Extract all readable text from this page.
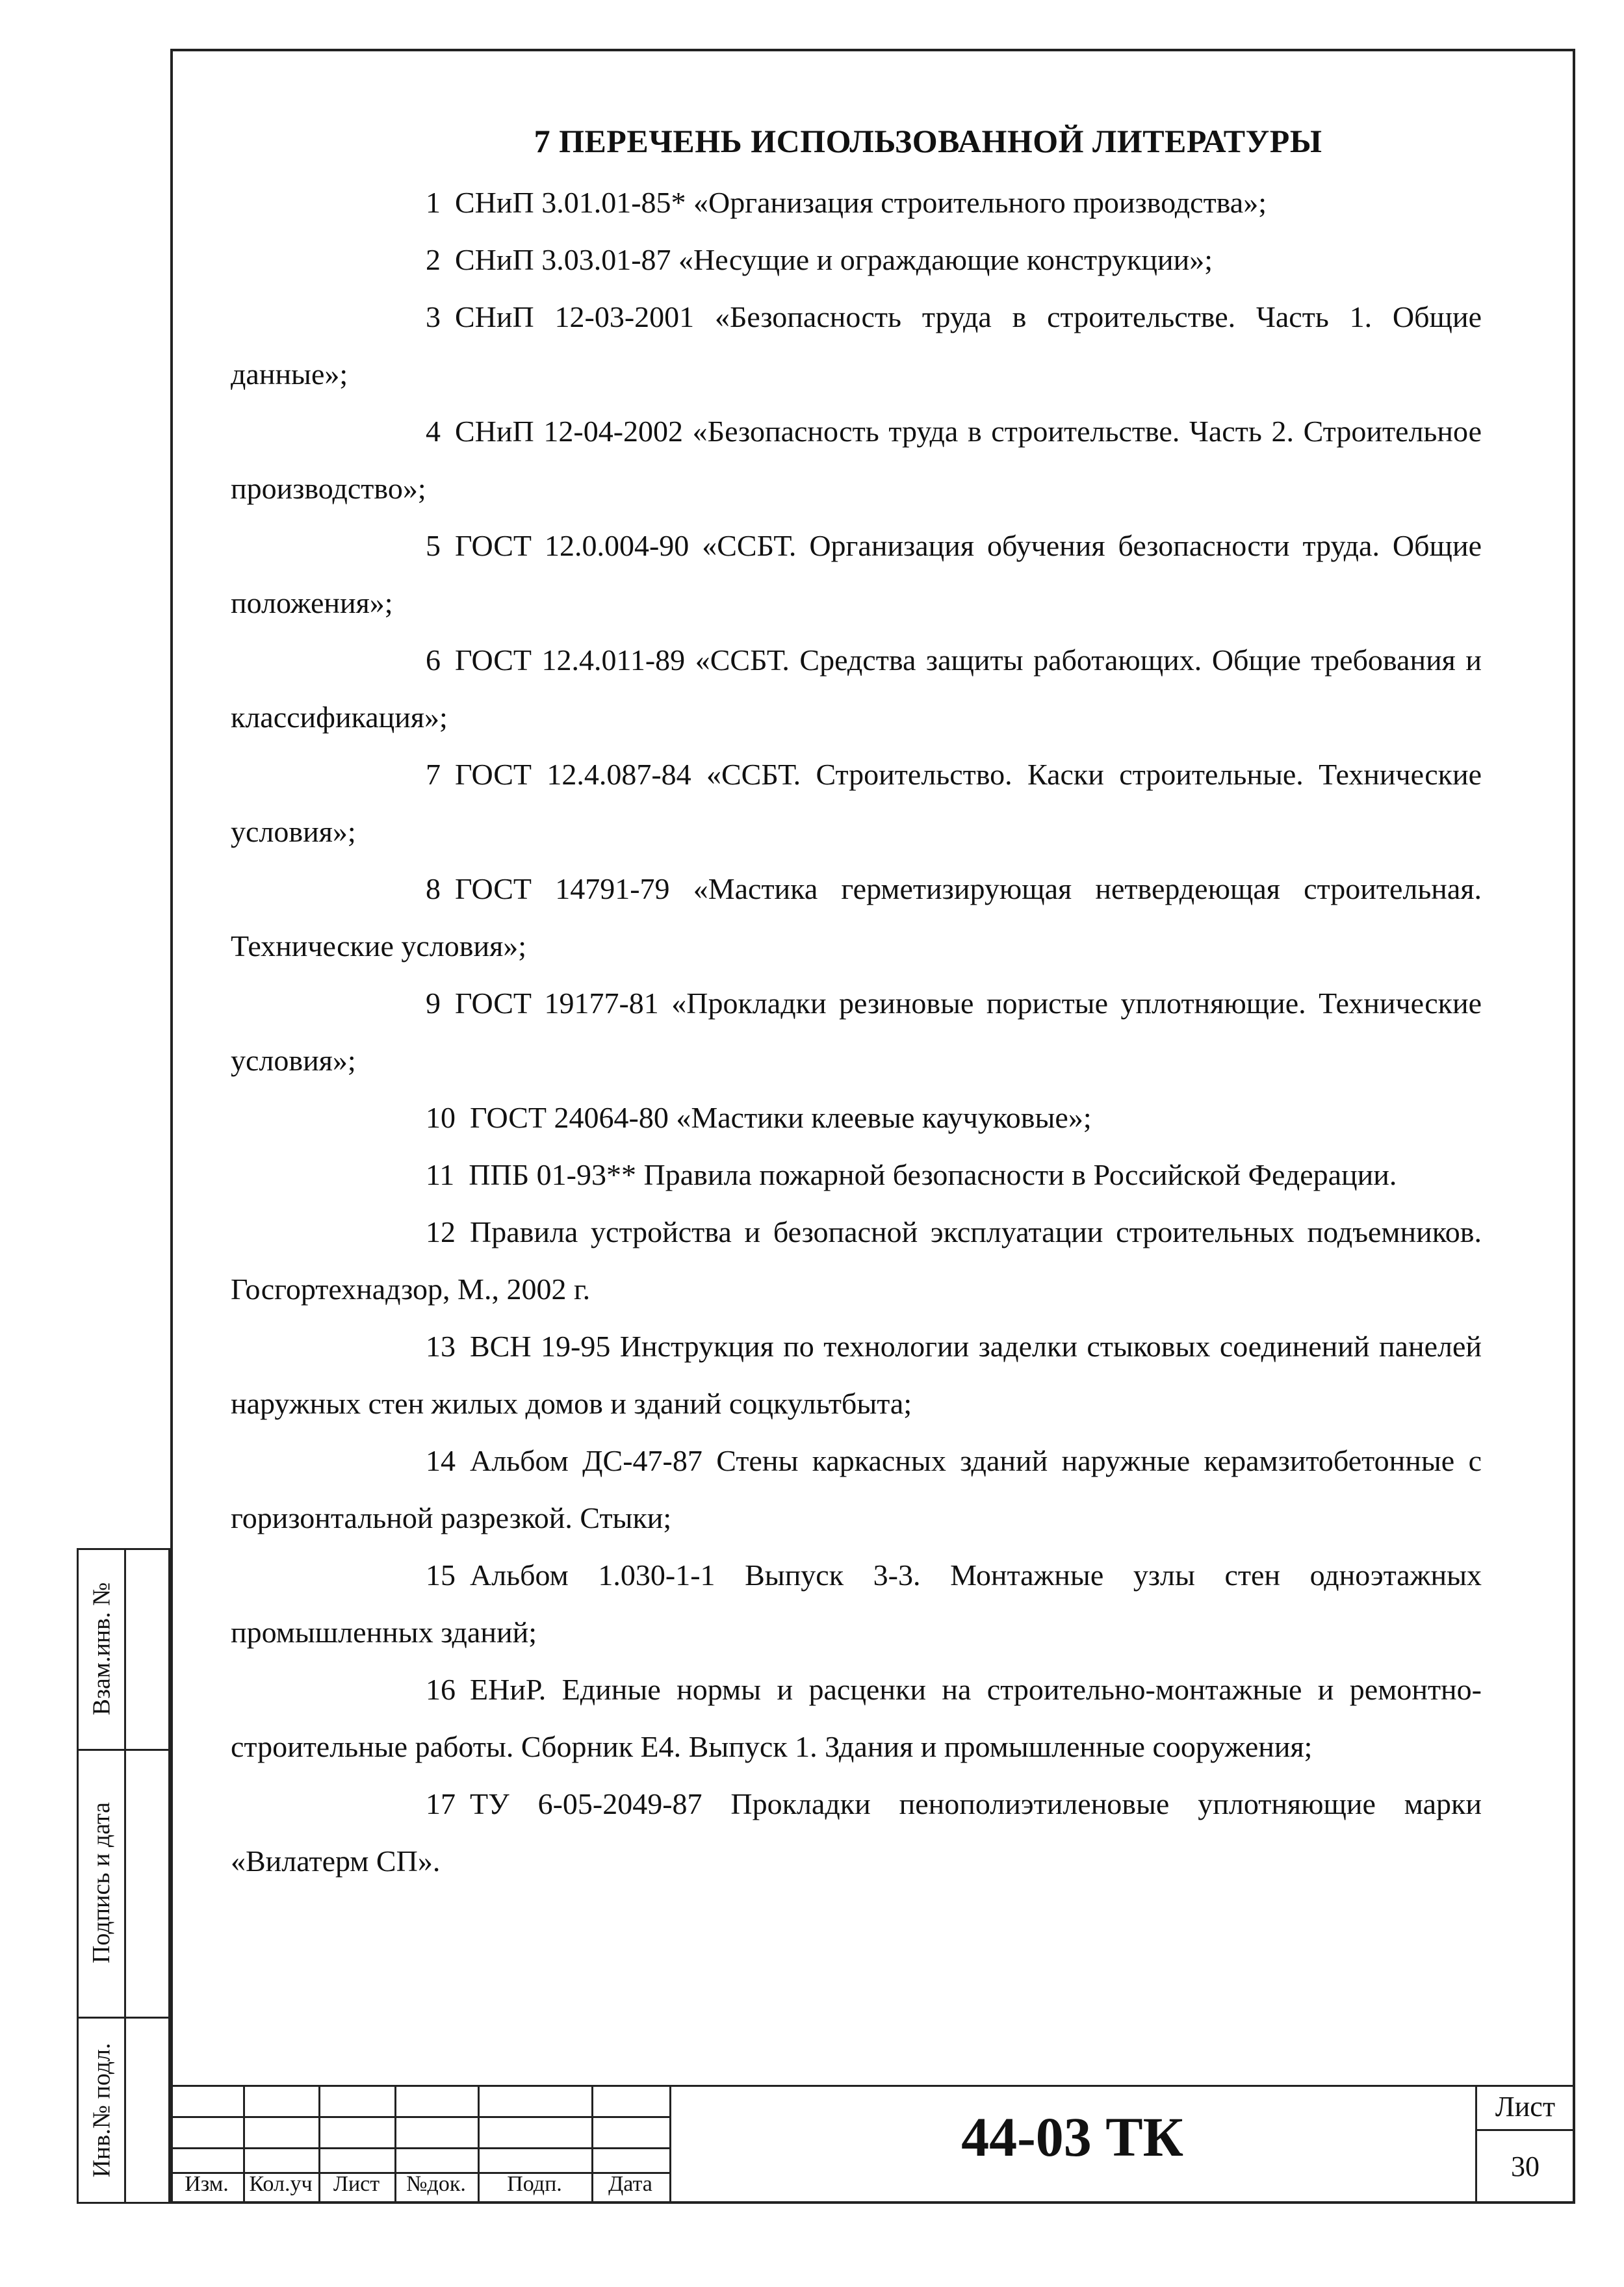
7 ПЕРЕЧЕНЬ ИСПОЛЬЗОВАННОЙ ЛИТЕРАТУРЫ

1 СНиП 3.01.01-85* «Организация строительного производства»;

2 СНиП 3.03.01-87 «Несущие и ограждающие конструкции»;

3 СНиП 12-03-2001 «Безопасность труда в строительстве. Часть 1. Общие данные»;

4 СНиП 12-04-2002 «Безопасность труда в строительстве. Часть 2. Строительное производство»;

5 ГОСТ 12.0.004-90 «ССБТ. Организация обучения безопасности труда. Общие положения»;

6 ГОСТ 12.4.011-89 «ССБТ. Средства защиты работающих. Общие требования и классификация»;

7 ГОСТ 12.4.087-84 «ССБТ. Строительство. Каски строительные. Технические условия»;

8 ГОСТ 14791-79 «Мастика герметизирующая нетвердеющая строительная. Технические условия»;

9 ГОСТ 19177-81 «Прокладки резиновые пористые уплотняющие. Технические условия»;

10 ГОСТ 24064-80 «Мастики клеевые каучуковые»;

11 ППБ 01-93** Правила пожарной безопасности в Российской Федерации.

12 Правила устройства и безопасной эксплуатации строительных подъемников. Госгортехнадзор, М., 2002 г.

13 ВСН 19-95 Инструкция по технологии заделки стыковых соединений панелей наружных стен жилых домов и зданий соцкультбыта;

14 Альбом ДС-47-87 Стены каркасных зданий наружные керамзитобетонные с горизонтальной разрезкой. Стыки;

15 Альбом 1.030-1-1 Выпуск 3-3. Монтажные узлы стен одноэтажных промышленных зданий;

16 ЕНиР. Единые нормы и расценки на строительно-монтажные и ремонтно-строительные работы. Сборник Е4. Выпуск 1. Здания и промышленные сооружения;

17 ТУ 6-05-2049-87 Прокладки пенополиэтиленовые уплотняющие марки «Вилатерм СП».

Взам.инв. №
Подпись и дата
Инв.№ подл.
Изм. Кол.уч Лист	№док.	Подп.	Дата
44-03 ТК	Лист
30
